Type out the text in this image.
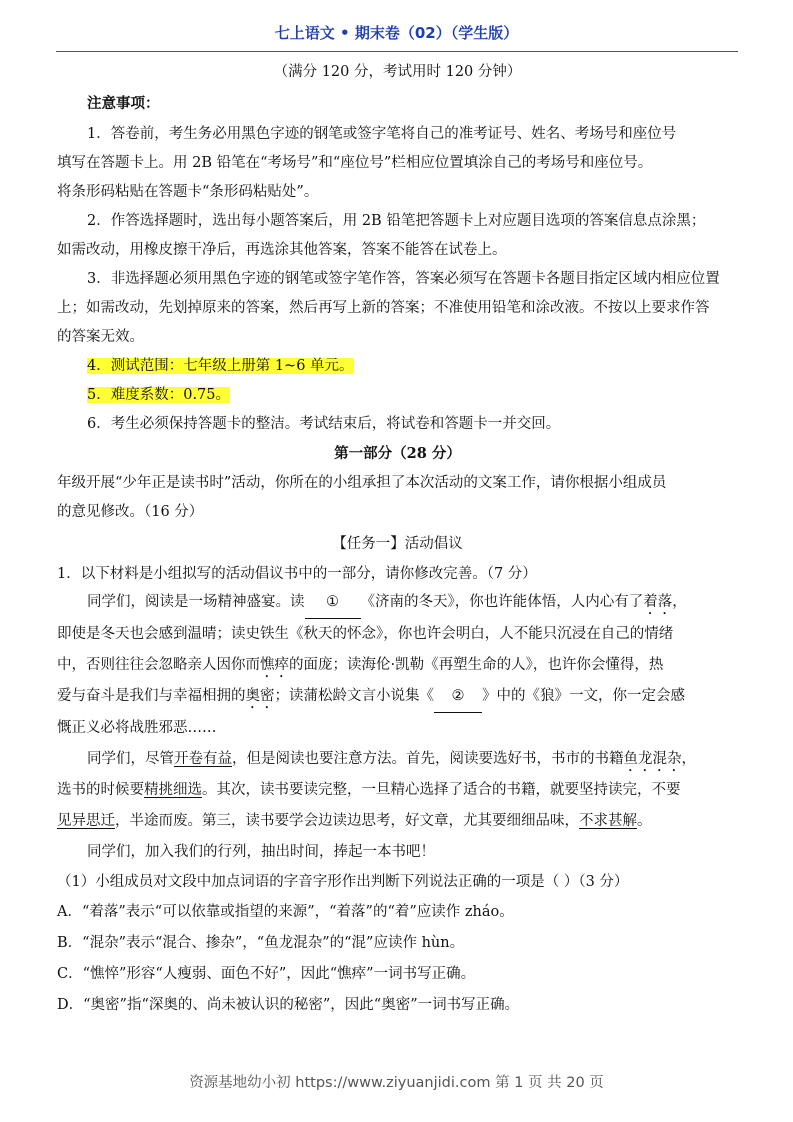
七上语文 • 期末卷（02）（学生版）
（满分 120 分，考试用时 120 分钟）
注意事项：
1．答卷前，考生务必用黑色字迹的钢笔或签字笔将自己的准考证号、姓名、考场号和座位号
填写在答题卡上。用 2B 铅笔在“考场号”和“座位号”栏相应位置填涂自己的考场号和座位号。
将条形码粘贴在答题卡“条形码粘贴处”。
2．作答选择题时，选出每小题答案后，用 2B 铅笔把答题卡上对应题目选项的答案信息点涂黑；
如需改动，用橡皮擦干净后，再选涂其他答案，答案不能答在试卷上。
3．非选择题必须用黑色字迹的钢笔或签字笔作答，答案必须写在答题卡各题目指定区域内相应位置
上；如需改动，先划掉原来的答案，然后再写上新的答案；不准使用铅笔和涂改液。不按以上要求作答
的答案无效。
4．测试范围：七年级上册第 1~6 单元。
5．难度系数：0.75。
6．考生必须保持答题卡的整洁。考试结束后，将试卷和答题卡一并交回。
第一部分（28 分）
年级开展“少年正是读书时”活动，你所在的小组承担了本次活动的文案工作，请你根据小组成员
的意见修改。（16 分）
【任务一】活动倡议
1．以下材料是小组拟写的活动倡议书中的一部分，请你修改完善。（7 分）
同学们，阅读是一场精神盛宴。读 ① 《济南的冬天》，你也许能体悟，人内心有了着落，
即使是冬天也会感到温晴；读史铁生《秋天的怀念》，你也许会明白，人不能只沉浸在自己的情绪
中，否则往往会忽略亲人因你而憔瘁的面庞；读海伦·凯勒《再塑生命的人》，也许你会懂得，热
爱与奋斗是我们与幸福相拥的奥密；读蒲松龄文言小说集《 ② 》中的《狼》一文，你一定会感
慨正义必将战胜邪恶……
同学们，尽管开卷有益，但是阅读也要注意方法。首先，阅读要选好书，书市的书籍鱼龙混杂，
选书的时候要精挑细选。其次，读书要读完整，一旦精心选择了适合的书籍，就要坚持读完，不要
见异思迁，半途而废。第三，读书要学会边读边思考，好文章，尤其要细细品味，不求甚解。
同学们，加入我们的行列，抽出时间，捧起一本书吧！
（1）小组成员对文段中加点词语的字音字形作出判断下列说法正确的一项是（ ）（3 分）
A．“着落”表示“可以依靠或指望的来源”，“着落”的“着”应读作 zháo。
B．“混杂”表示“混合、掺杂”，“鱼龙混杂”的“混”应读作 hùn。
C．“憔悴”形容“人瘦弱、面色不好”，因此“憔瘁”一词书写正确。
D．“奥密”指“深奥的、尚未被认识的秘密”，因此“奥密”一词书写正确。
资源基地幼小初 https://www.ziyuanjidi.com 第 1 页 共 20 页
